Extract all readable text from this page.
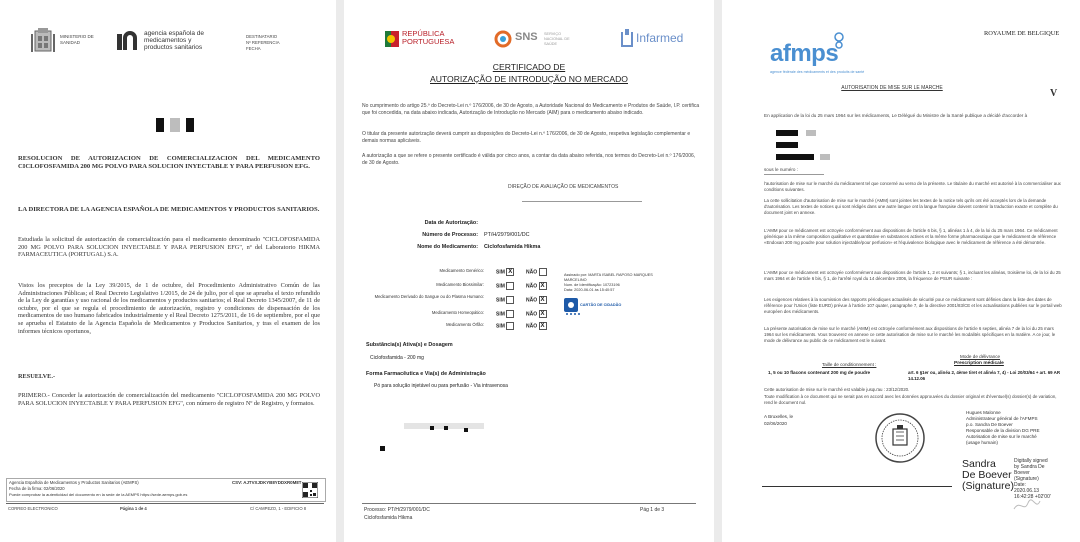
MINISTERIO DE SANIDAD
agencia española de medicamentos y productos sanitarios
DESTINATARIO
Nº REFERENCIA
FECHA
RESOLUCION DE AUTORIZACION DE COMERCIALIZACION DEL MEDICAMENTO CICLOFOSFAMIDA 200 MG POLVO PARA SOLUCION INYECTABLE Y PARA PERFUSION EFG.
LA DIRECTORA DE LA AGENCIA ESPAÑOLA DE MEDICAMENTOS Y PRODUCTOS SANITARIOS.
Estudiada la solicitud de autorización de comercialización para el medicamento denominado "CICLOFOSFAMIDA 200 MG POLVO PARA SOLUCION INYECTABLE Y PARA PERFUSION EFG", nº del Laboratorio HIKMA FARMACEUTICA (PORTUGAL) S.A.
Vistos los preceptos de la Ley 39/2015, de 1 de octubre, del Procedimiento Administrativo Común de las Administraciones Públicas; el Real Decreto Legislativo 1/2015, de 24 de julio, por el que se aprueba el texto refundido de la Ley de garantías y uso racional de los medicamentos y productos sanitarios; el Real Decreto 1345/2007, de 11 de octubre, por el que se regula el procedimiento de autorización, registro y condiciones de dispensación de los medicamentos de uso humano fabricados industrialmente y el Real Decreto 1275/2011, de 16 de septiembre, por el que se aprueba el Estatuto de la Agencia Española de Medicamentos y Productos Sanitarios, y tras el examen de los informes técnicos oportunos,
RESUELVE.-
PRIMERO.- Conceder la autorización de comercialización del medicamento "CICLOFOSFAMIDA 200 MG POLVO PARA SOLUCION INYECTABLE Y PARA PERFUSION EFG", con número de registro Nº de Registro, y formatos.
Agencia Española de Medicamentos y Productos Sanitarios (AEMPS)
Fecha de la firma: 02/06/2020
Puede comprobar la autenticidad del documento en la sede de la AEMPS https://sede.aemps.gob.es
CSV: AJTVXJDKYB8YDDXR0M8T
CORREO ELECTRONICO	Página 1 de 4	C/ CAMPEZO, 1 - EDIFICIO 8
REPÚBLICA PORTUGUESA	SNS SERVIÇO NACIONAL DE SAÚDE	Infarmed
CERTIFICADO DE
AUTORIZAÇÃO DE INTRODUÇÃO NO MERCADO
No cumprimento do artigo 25.º do Decreto-Lei n.º 176/2006, de 30 de Agosto, a Autoridade Nacional do Medicamento e Produtos de Saúde, I.P. certifica que foi concedida, na data abaixo indicada, Autorização de Introdução no Mercado (AIM) para o medicamento abaixo indicado.
O titular da presente autorização deverá cumprir as disposições do Decreto-Lei n.º 176/2006, de 30 de Agosto, respetiva legislação complementar e demais normas aplicáveis.
A autorização a que se refere o presente certificado é válida por cinco anos, a contar da data abaixo referida, nos termos do Decreto-Lei n.º 176/2006, de 30 de Agosto.
DIREÇÃO DE AVALIAÇÃO DE MEDICAMENTOS
Data de Autorização:
Número de Processo: PT/H/2979/001/DC
Nome do Medicamento: Ciclofosfamida Hikma
Medicamento Genérico: SIM X	NÃO
Medicamento Biossimilar: SIM	NÃO X
Medicamento Derivado do Sangue ou do Plasma Humano:
SIM	NÃO X
Medicamento Homeopático: SIM	NÃO X
Medicamento Órfão: SIM	NÃO X
Assinado por: MARTA ISABEL RAPOSO MARQUES
MARCELINO
Num. de Identificação: 10723196
Data: 2020-06-01 às 15:40:57
CARTÃO DE CIDADÃO
Substância(s) Ativa(s) e Dosagem
Ciclofosfamida - 200 mg
Forma Farmacêutica e Via(s) de Administração
Pó para solução injetável ou para perfusão - Via intravenosa
Processo: PT/H/2979/001/DC
Ciclofosfamida Hikma
Pág 1 de 3
ROYAUME DE BELGIQUE
afmps
agence fédérale des médicaments et des produits de santé
AUTORISATION DE MISE SUR LE MARCHE	V
En application de la loi du 25 mars 1964 sur les médicaments, Le Délégué du Ministre de la Santé publique a décidé d'accorder à
sous le numéro :
l'autorisation de mise sur le marché du médicament tel que concerné au verso de la présente. Le titulaire du marché est autorisé à la commercialiser aux conditions suivantes.
La cette sollicitation d'autorisation de mise sur le marché (AMM) sont jointes les textes de la notice tels qu'ils ont été acceptés lors de la demande d'autorisation. Les textes de notices qui sont rédigés dans une autre langue ont la langue française doivent contenir la traduction exacte et complète du document joint en annexe.
L'AMM pour ce médicament est octroyée conformément aux dispositions de l'article 6 bis, § 1, alinéas 1 à 4, de la loi du 25 mars 1964. Ce médicament générique a la même composition qualitative et quantitative en substances actives et la même forme pharmaceutique que le médicament de référence «Endoxan 200 mg poudre pour solution injectable/pour perfusion» et l'équivalence biologique avec le médicament de référence a été démontrée.
L'AMM pour ce médicament est octroyée conformément aux dispositions de l'article 1, 2 et suivants; § 1, incluant les alinéas, troisième loi, de la loi du 25 mars 1964 et de l'article 6 bis, § 1, de l'arrêté royal du 14 décembre 2006, la fréquence de PSUR suivante :
Les exigences relatives à la soumission des rapports périodiques actualisés de sécurité pour ce médicament sont définies dans la liste des dates de référence pour l'Union (liste EURD) prévue à l'article 107 quater, paragraphe 7, de la directive 2001/83/CE et les actualisations publiées sur le portail web européen des médicaments.
La présente autorisation de mise sur le marché (AMM) est octroyée conformément aux dispositions de l'article 6 septies, alinéa 7 de la loi du 25 mars 1964 sur les médicaments. Vous trouverez en annexe ce cette autorisation de mise sur le marché les modalités spécifiques en la matière. A ce jour, le mode de délivrance au public de ce médicament est le suivant.
Taille de conditionnement :
Mode de délivrance
Prescription médicale
1, 5 ou 10 flacons contenant 200 mg de poudre	art. 6 §1er ou, alinéa 2, 4ème tiret et alinéa 7, 4) - Loi 20/03/64 + art. 69 AR 14.12.06
Cette autorisation de mise sur le marché est valable jusqu'au : 23/12/2020.
Toute modification à ce document qui ne serait pas en accord avec les données approuvées du dossier original et d'éventuel(s) dossier(s) de variation, rend le document nul.
A Bruxelles, le
02/06/2020
Hugues Malonne
Administrateur général de l'AFMPS
p.o. Sandra De Boever
Responsable de la division DG PRE
Autorisation de mise sur le marché
(usage humain)
Sandra
De Boever
(Signature)
Digitally signed
by Sandra De
Boever
(Signature)
Date:
2020.06.13
16:42:28 +02'00'
